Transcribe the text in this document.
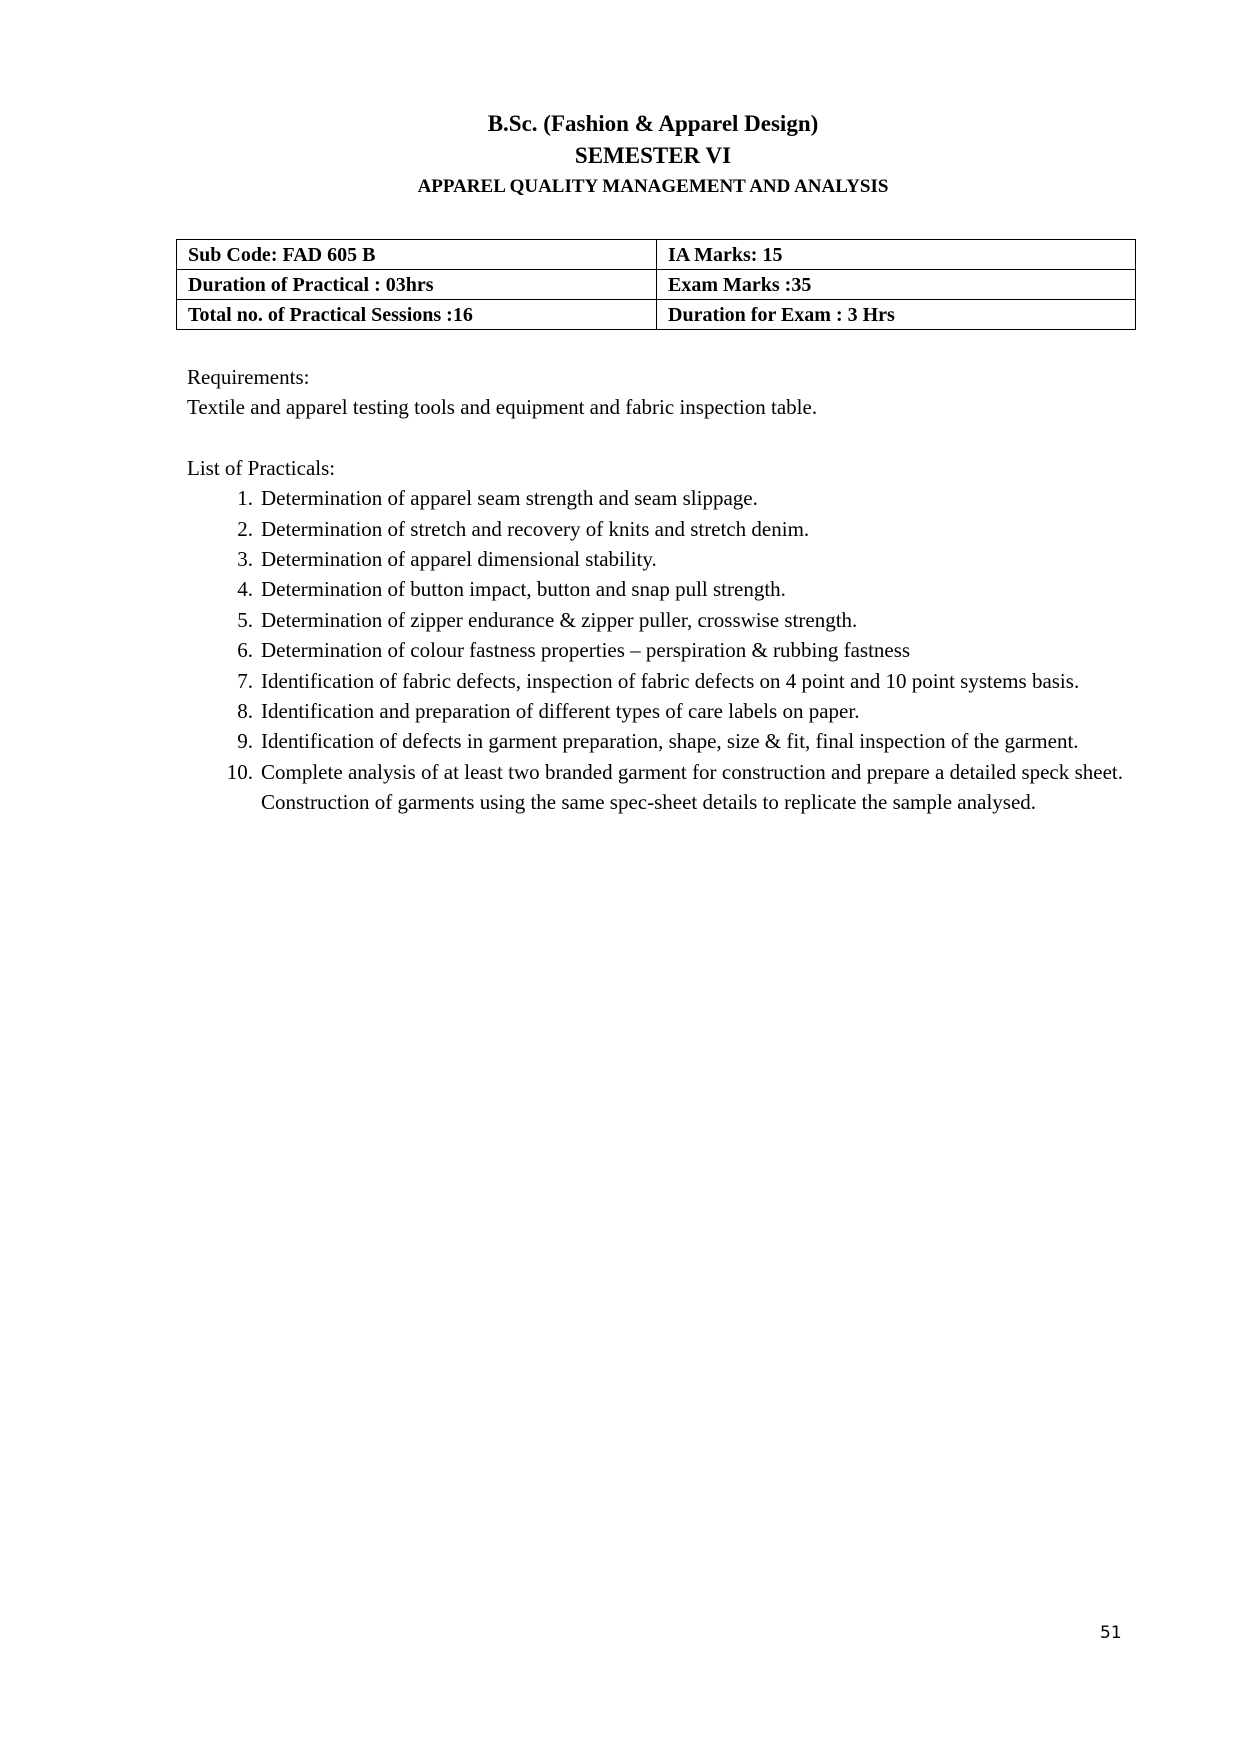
B.Sc. (Fashion & Apparel Design)
SEMESTER VI
APPAREL QUALITY MANAGEMENT AND ANALYSIS
Sub Code: FAD 605 B	IA Marks: 15
Duration of Practical : 03hrs	Exam Marks :35
Total no. of Practical Sessions :16	Duration for Exam : 3 Hrs

Requirements:

Textile and apparel testing tools and equipment and fabric inspection table.

List of Practicals:

1. Determination of apparel seam strength and seam slippage.
2. Determination of stretch and recovery of knits and stretch denim.
3. Determination of apparel dimensional stability.
4. Determination of button impact, button and snap pull strength.
5. Determination of zipper endurance & zipper puller, crosswise strength.
6. Determination of colour fastness properties – perspiration & rubbing fastness
7. Identification of fabric defects, inspection of fabric defects on 4 point and 10 point systems basis.
8. Identification and preparation of different types of care labels on paper.
9. Identification of defects in garment preparation, shape, size & fit, final inspection of the garment.
10. Complete analysis of at least two branded garment for construction and prepare a detailed speck sheet. Construction of garments using the same spec-sheet details to replicate the sample analysed.
51
